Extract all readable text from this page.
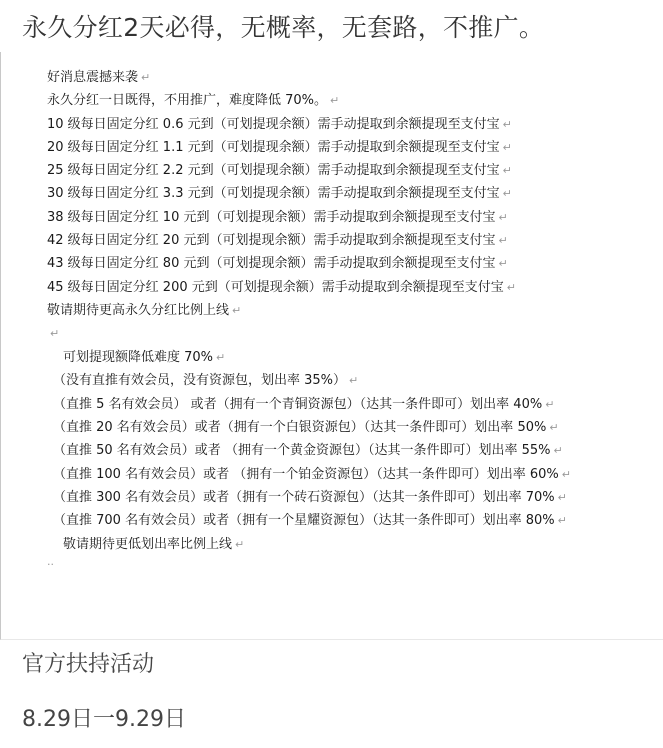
永久分红2天必得，无概率，无套路，不推广。
好消息震撼来袭 ↵
永久分红一日既得，不用推广，难度降低 70%。 ↵
10 级每日固定分红 0.6 元到（可划提现余额）需手动提取到余额提现至支付宝 ↵
20 级每日固定分红 1.1 元到（可划提现余额）需手动提取到余额提现至支付宝 ↵
25 级每日固定分红 2.2 元到（可划提现余额）需手动提取到余额提现至支付宝 ↵
30 级每日固定分红 3.3 元到（可划提现余额）需手动提取到余额提现至支付宝 ↵
38 级每日固定分红 10 元到（可划提现余额）需手动提取到余额提现至支付宝 ↵
42 级每日固定分红 20 元到（可划提现余额）需手动提取到余额提现至支付宝 ↵
43 级每日固定分红 80 元到（可划提现余额）需手动提取到余额提现至支付宝 ↵
45 级每日固定分红 200 元到（可划提现余额）需手动提取到余额提现至支付宝 ↵
敬请期待更高永久分红比例上线 ↵
↵
可划提现额降低难度 70% ↵
（没有直推有效会员，没有资源包，划出率 35%） ↵
（直推 5 名有效会员） 或者（拥有一个青铜资源包）（达其一条件即可）划出率 40% ↵
（直推 20 名有效会员）或者（拥有一个白银资源包）（达其一条件即可）划出率 50% ↵
（直推 50 名有效会员）或者 （拥有一个黄金资源包）（达其一条件即可）划出率 55% ↵
（直推 100 名有效会员）或者 （拥有一个铂金资源包）（达其一条件即可）划出率 60% ↵
（直推 300 名有效会员）或者（拥有一个砖石资源包）（达其一条件即可）划出率 70% ↵
（直推 700 名有效会员）或者（拥有一个星耀资源包）（达其一条件即可）划出率 80% ↵
敬请期待更低划出率比例上线 ↵
··
官方扶持活动
8.29日一9.29日
